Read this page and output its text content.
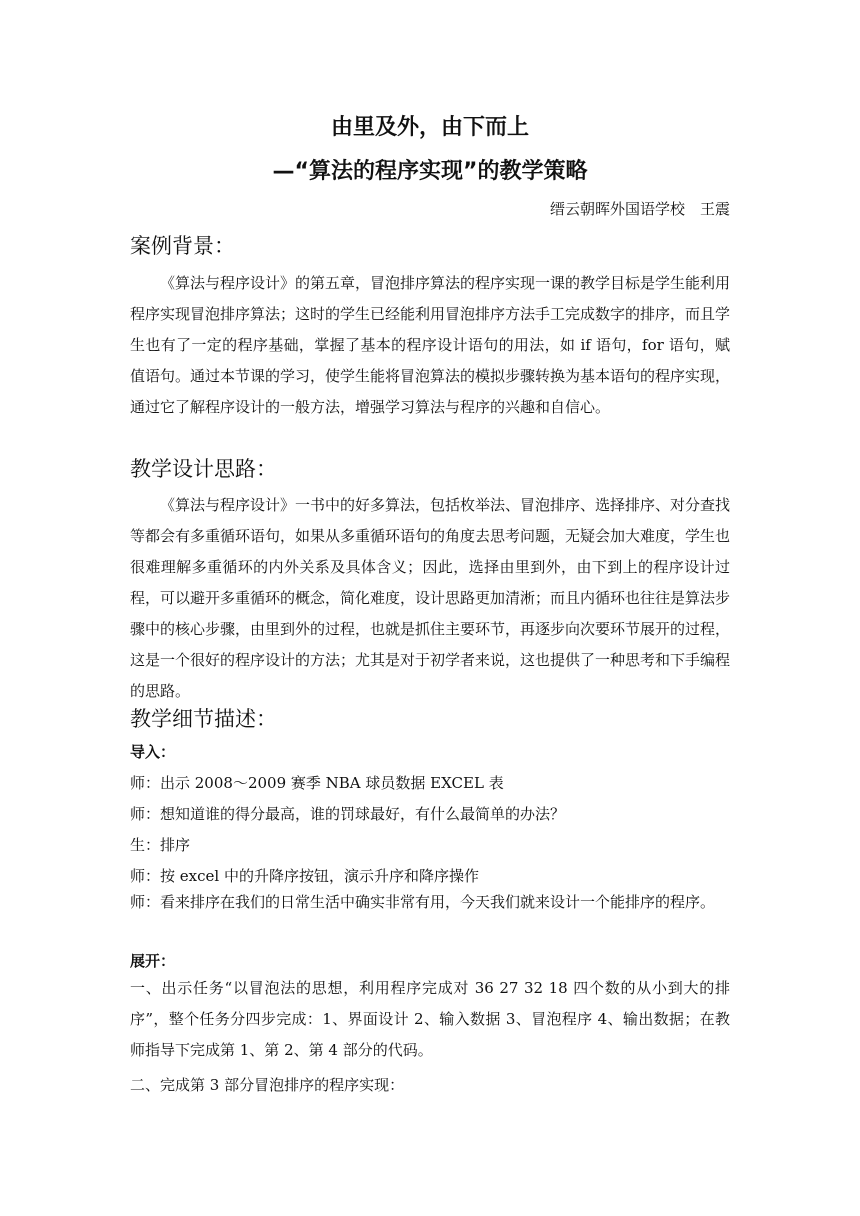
由里及外，由下而上
—“算法的程序实现”的教学策略
缙云朝晖外国语学校　王震
案例背景：

《算法与程序设计》的第五章，冒泡排序算法的程序实现一课的教学目标是学生能利用程序实现冒泡排序算法；这时的学生已经能利用冒泡排序方法手工完成数字的排序，而且学生也有了一定的程序基础，掌握了基本的程序设计语句的用法，如 if 语句，for 语句，赋值语句。通过本节课的学习，使学生能将冒泡算法的模拟步骤转换为基本语句的程序实现，通过它了解程序设计的一般方法，增强学习算法与程序的兴趣和自信心。

教学设计思路：

《算法与程序设计》一书中的好多算法，包括枚举法、冒泡排序、选择排序、对分查找等都会有多重循环语句，如果从多重循环语句的角度去思考问题，无疑会加大难度，学生也很难理解多重循环的内外关系及具体含义；因此，选择由里到外，由下到上的程序设计过程，可以避开多重循环的概念，简化难度，设计思路更加清淅；而且内循环也往往是算法步骤中的核心步骤，由里到外的过程，也就是抓住主要环节，再逐步向次要环节展开的过程，这是一个很好的程序设计的方法；尤其是对于初学者来说，这也提供了一种思考和下手编程的思路。

教学细节描述：

导入：

师：出示 2008～2009 赛季 NBA 球员数据 EXCEL 表

师：想知道谁的得分最高，谁的罚球最好，有什么最简单的办法？

生：排序

师：按 excel 中的升降序按钮，演示升序和降序操作

师：看来排序在我们的日常生活中确实非常有用，今天我们就来设计一个能排序的程序。

展开：

一、出示任务“以冒泡法的思想，利用程序完成对 36 27 32 18 四个数的从小到大的排序”，整个任务分四步完成：1、界面设计 2、输入数据 3、冒泡程序 4、输出数据；在教师指导下完成第 1、第 2、第 4 部分的代码。

二、完成第 3 部分冒泡排序的程序实现：
